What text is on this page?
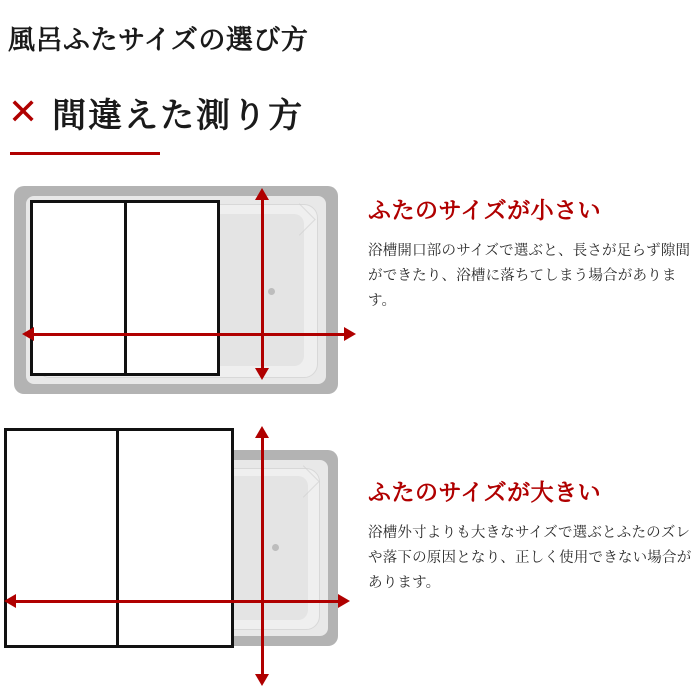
風呂ふたサイズの選び方
✕ 間違えた測り方

ふたのサイズが小さい

浴槽開口部のサイズで選ぶと、長さが足らず隙間ができたり、浴槽に落ちてしまう場合があります。

ふたのサイズが大きい

浴槽外寸よりも大きなサイズで選ぶとふたのズレや落下の原因となり、正しく使用できない場合があります。
